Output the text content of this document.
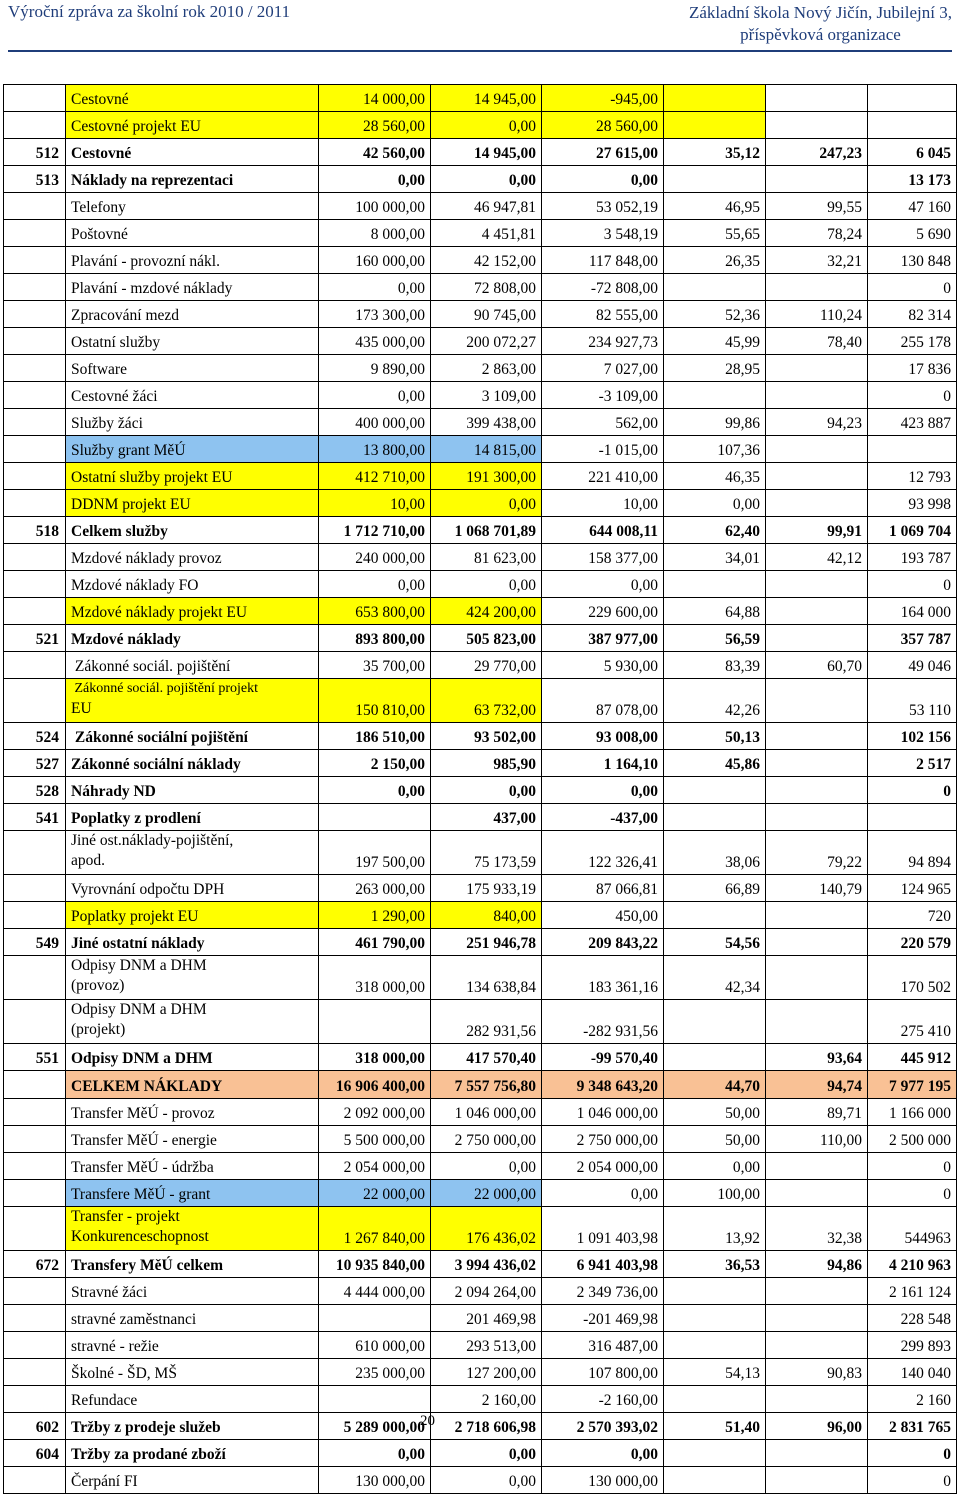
Výroční zpráva za školní rok 2010 / 2011	Základní škola Nový Jičín, Jubilejní 3,
příspěvková organizace

	Cestovné	14 000,00	14 945,00	-945,00			

	Cestovné projekt EU	28 560,00	0,00	28 560,00			
512	Cestovné	42 560,00	14 945,00	27 615,00	35,12	247,23	6 045
513	Náklady na reprezentaci	0,00	0,00	0,00			13 173

	Telefony	100 000,00	46 947,81	53 052,19	46,95	99,55	47 160

	Poštovné	8 000,00	4 451,81	3 548,19	55,65	78,24	5 690

	Plavání - provozní nákl.	160 000,00	42 152,00	117 848,00	26,35	32,21	130 848

	Plavání - mzdové náklady	0,00	72 808,00	-72 808,00			0

	Zpracování mezd	173 300,00	90 745,00	82 555,00	52,36	110,24	82 314

	Ostatní služby	435 000,00	200 072,27	234 927,73	45,99	78,40	255 178

	Software	9 890,00	2 863,00	7 027,00	28,95		17 836

	Cestovné žáci	0,00	3 109,00	-3 109,00			0

	Služby žáci	400 000,00	399 438,00	562,00	99,86	94,23	423 887

	Služby grant MěÚ	13 800,00	14 815,00	-1 015,00	107,36		

	Ostatní služby projekt EU	412 710,00	191 300,00	221 410,00	46,35		12 793

	DDNM projekt EU	10,00	0,00	10,00	0,00		93 998
518	Celkem služby	1 712 710,00	1 068 701,89	644 008,11	62,40	99,91	1 069 704

	Mzdové náklady provoz	240 000,00	81 623,00	158 377,00	34,01	42,12	193 787

	Mzdové náklady FO	0,00	0,00	0,00			0

	Mzdové náklady projekt EU	653 800,00	424 200,00	229 600,00	64,88		164 000
521	Mzdové náklady	893 800,00	505 823,00	387 977,00	56,59		357 787

	Zákonné sociál. pojištění	35 700,00	29 770,00	5 930,00	83,39	60,70	49 046

	Zákonné sociál. pojištění projekt
EU	150 810,00	63 732,00	87 078,00	42,26		53 110
524	Zákonné sociální pojištění	186 510,00	93 502,00	93 008,00	50,13		102 156
527	Zákonné sociální náklady	2 150,00	985,90	1 164,10	45,86		2 517
528	Náhrady ND	0,00	0,00	0,00			0
541	Poplatky z prodlení		437,00	-437,00			

	Jiné ost.náklady-pojištění,
apod.	197 500,00	75 173,59	122 326,41	38,06	79,22	94 894

	Vyrovnání odpočtu DPH	263 000,00	175 933,19	87 066,81	66,89	140,79	124 965

	Poplatky projekt EU	1 290,00	840,00	450,00			720
549	Jiné ostatní náklady	461 790,00	251 946,78	209 843,22	54,56		220 579

	Odpisy DNM a DHM
(provoz)	318 000,00	134 638,84	183 361,16	42,34		170 502

	Odpisy DNM a DHM
(projekt)		282 931,56	-282 931,56			275 410
551	Odpisy DNM a DHM	318 000,00	417 570,40	-99 570,40		93,64	445 912

	CELKEM NÁKLADY	16 906 400,00	7 557 756,80	9 348 643,20	44,70	94,74	7 977 195

	Transfer MěÚ - provoz	2 092 000,00	1 046 000,00	1 046 000,00	50,00	89,71	1 166 000

	Transfer MěÚ - energie	5 500 000,00	2 750 000,00	2 750 000,00	50,00	110,00	2 500 000

	Transfer MěÚ - údržba	2 054 000,00	0,00	2 054 000,00	0,00		0

	Transfere MěÚ - grant	22 000,00	22 000,00	0,00	100,00		0

	Transfer - projekt
Konkurenceschopnost	1 267 840,00	176 436,02	1 091 403,98	13,92	32,38	544963
672	Transfery MěÚ celkem	10 935 840,00	3 994 436,02	6 941 403,98	36,53	94,86	4 210 963

	Stravné žáci	4 444 000,00	2 094 264,00	2 349 736,00			2 161 124

	stravné zaměstnanci		201 469,98	-201 469,98			228 548

	stravné - režie	610 000,00	293 513,00	316 487,00			299 893

	Školné - ŠD, MŠ	235 000,00	127 200,00	107 800,00	54,13	90,83	140 040

	Refundace		2 160,00	-2 160,00			2 160
602	Tržby z prodeje služeb	5 289 000,00	2 718 606,98	2 570 393,02	51,40	96,00	2 831 765
604	Tržby za prodané zboží	0,00	0,00	0,00			0

	Čerpání FI	130 000,00	0,00	130 000,00			0
20
